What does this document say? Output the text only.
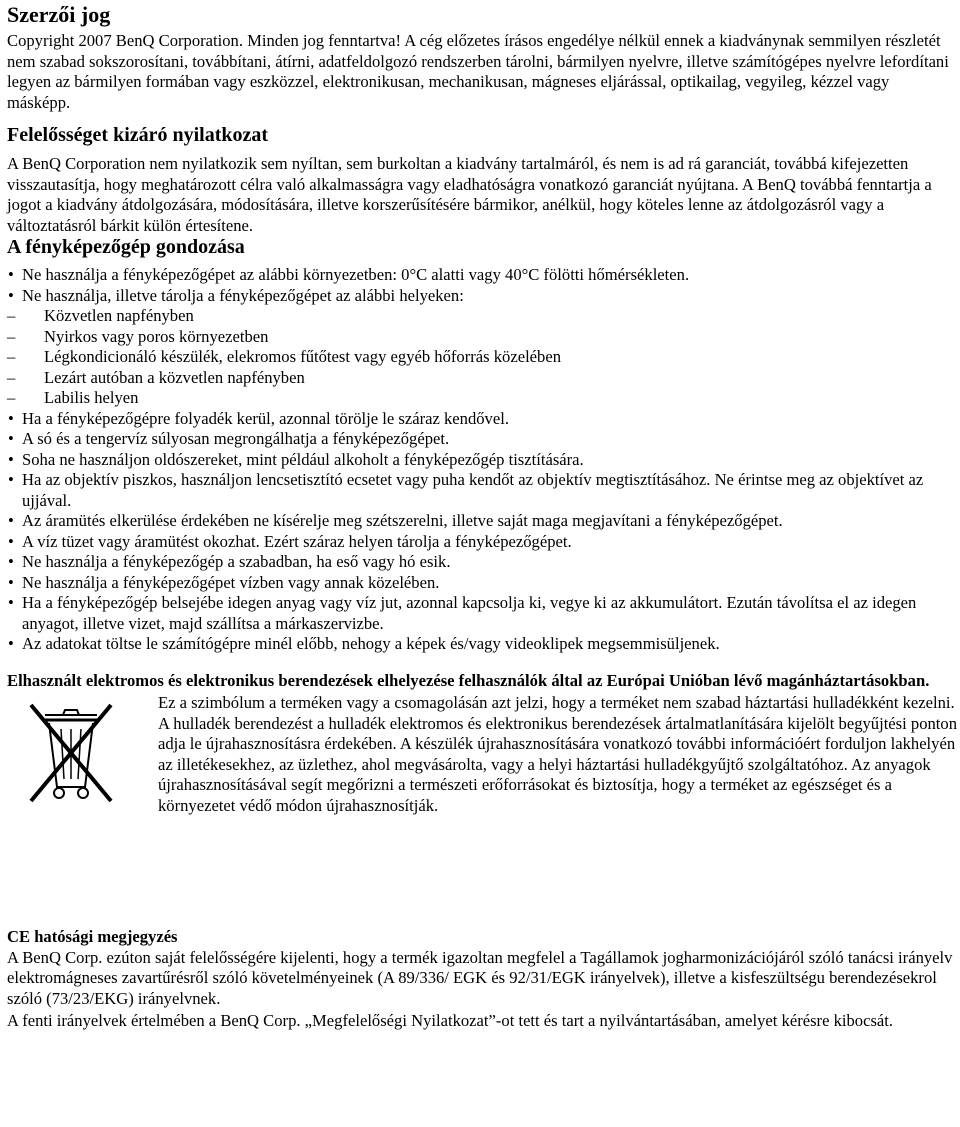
Szerzői jog

Copyright 2007 BenQ Corporation. Minden jog fenntartva! A cég előzetes írásos engedélye nélkül ennek a kiadványnak semmilyen részletét nem szabad sokszorosítani, továbbítani, átírni, adatfeldolgozó rendszerben tárolni, bármilyen nyelvre, illetve számítógépes nyelvre lefordítani legyen az bármilyen formában vagy eszközzel, elektronikusan, mechanikusan, mágneses eljárással, optikailag, vegyileg, kézzel vagy másképp.

Felelősséget kizáró nyilatkozat

A BenQ Corporation nem nyilatkozik sem nyíltan, sem burkoltan a kiadvány tartalmáról, és nem is ad rá garanciát, továbbá kifejezetten visszautasítja, hogy meghatározott célra való alkalmasságra vagy eladhatóságra vonatkozó garanciát nyújtana. A BenQ továbbá fenntartja a jogot a kiadvány átdolgozására, módosítására, illetve korszerűsítésére bármikor, anélkül, hogy köteles lenne az átdolgozásról vagy a változtatásról bárkit külön értesítene.

A fényképezőgép gondozása
• Ne használja a fényképezőgépet az alábbi környezetben: 0°C alatti vagy 40°C fölötti hőmérsékleten.
• Ne használja, illetve tárolja a fényképezőgépet az alábbi helyeken:
– Közvetlen napfényben
– Nyirkos vagy poros környezetben
– Légkondicionáló készülék, elekromos fűtőtest vagy egyéb hőforrás közelében
– Lezárt autóban a közvetlen napfényben
– Labilis helyen
• Ha a fényképezőgépre folyadék kerül, azonnal törölje le száraz kendővel.
• A só és a tengervíz súlyosan megrongálhatja a fényképezőgépet.
• Soha ne használjon oldószereket, mint például alkoholt a fényképezőgép tisztítására.
• Ha az objektív piszkos, használjon lencsetisztító ecsetet vagy puha kendőt az objektív megtisztításához. Ne érintse meg az objektívet az ujjával.
• Az áramütés elkerülése érdekében ne kísérelje meg szétszerelni, illetve saját maga megjavítani a fényképezőgépet.
• A víz tüzet vagy áramütést okozhat. Ezért száraz helyen tárolja a fényképezőgépet.
• Ne használja a fényképezőgép a szabadban, ha eső vagy hó esik.
• Ne használja a fényképezőgépet vízben vagy annak közelében.
• Ha a fényképezőgép belsejébe idegen anyag vagy víz jut, azonnal kapcsolja ki, vegye ki az akkumulátort. Ezután távolítsa el az idegen anyagot, illetve vizet, majd szállítsa a márkaszervizbe.
• Az adatokat töltse le számítógépre minél előbb, nehogy a képek és/vagy videoklipek megsemmisüljenek.
Elhasznált elektromos és elektronikus berendezések elhelyezése felhasználók által az Európai Unióban lévő magánháztartásokban.
Ez a szimbólum a terméken vagy a csomagolásán azt jelzi, hogy a terméket nem szabad háztartási hulladékként kezelni. A hulladék berendezést a hulladék elektromos és elektronikus berendezések ártalmatlanítására kijelölt begyűjtési ponton adja le újrahasznosításra érdekében. A készülék újrahasznosítására vonatkozó további információért forduljon lakhelyén az illetékesekhez, az üzlethez, ahol megvásárolta, vagy a helyi háztartási hulladékgyűjtő szolgáltatóhoz. Az anyagok újrahasznosításával segít megőrizni a természeti erőforrásokat és biztosítja, hogy a terméket az egészséget és a környezetet védő módon újrahasznosítják.
CE hatósági megjegyzés

A BenQ Corp. ezúton saját felelősségére kijelenti, hogy a termék igazoltan megfelel a Tagállamok jogharmonizációjáról szóló tanácsi irányelv elektromágneses zavartűrésről szóló követelményeinek (A 89/336/ EGK és 92/31/EGK irányelvek), illetve a kisfeszültségu berendezésekrol szóló (73/23/EKG) irányelvnek.

A fenti irányelvek értelmében a BenQ Corp. „Megfelelőségi Nyilatkozat”-ot tett és tart a nyilvántartásában, amelyet kérésre kibocsát.
